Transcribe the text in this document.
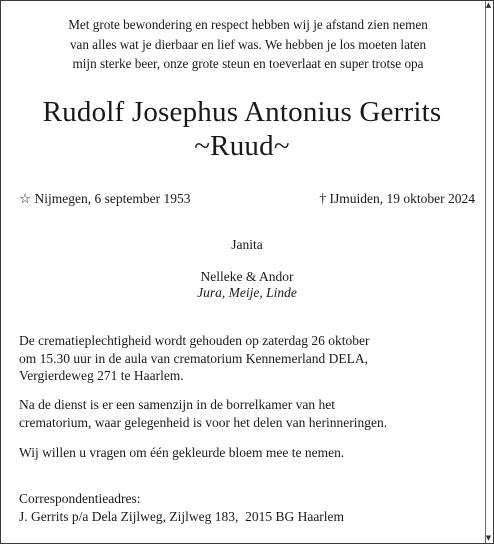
▲
▼
Met grote bewondering en respect hebben wij je afstand zien nemen
van alles wat je dierbaar en lief was. We hebben je los moeten laten
mijn sterke beer, onze grote steun en toeverlaat en super trotse opa
Rudolf Josephus Antonius Gerrits
~Ruud~
☆ Nijmegen, 6 september 1953	† IJmuiden, 19 oktober 2024
Janita
Nelleke & Andor
Jura, Meije, Linde
De crematieplechtigheid wordt gehouden op zaterdag 26 oktober
om 15.30 uur in de aula van crematorium Kennemerland DELA,
Vergierdeweg 271 te Haarlem.
Na de dienst is er een samenzijn in de borrelkamer van het
crematorium, waar gelegenheid is voor het delen van herinneringen.
Wij willen u vragen om één gekleurde bloem mee te nemen.
Correspondentieadres:
J. Gerrits p/a Dela Zijlweg, Zijlweg 183,  2015 BG Haarlem
